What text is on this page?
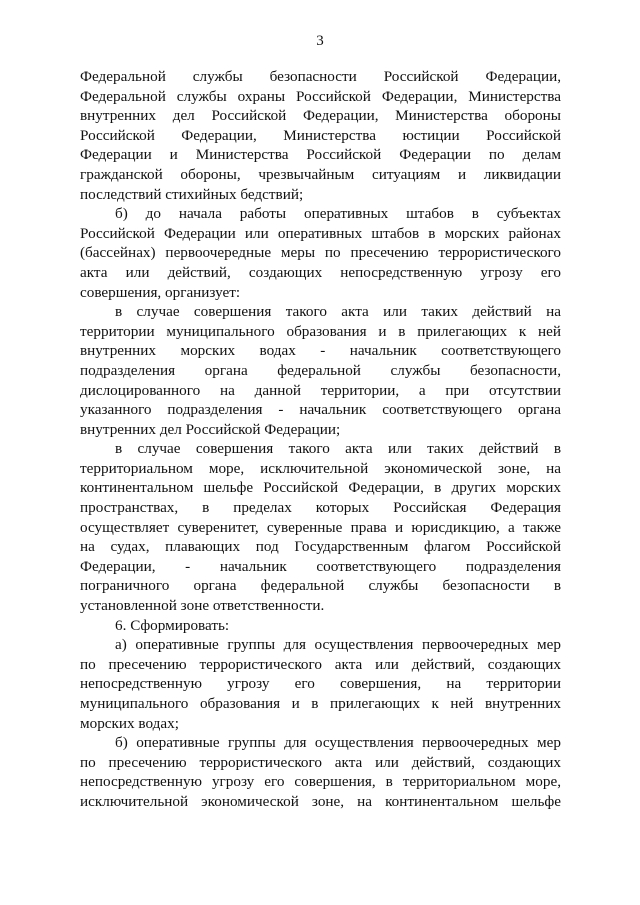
3
Федеральной службы безопасности Российской Федерации,
Федеральной службы охраны Российской Федерации, Министерства
внутренних дел Российской Федерации, Министерства обороны
Российской Федерации, Министерства юстиции Российской
Федерации и Министерства Российской Федерации по делам
гражданской обороны, чрезвычайным ситуациям и ликвидации
последствий стихийных бедствий;
б) до начала работы оперативных штабов в субъектах
Российской Федерации или оперативных штабов в морских районах
(бассейнах) первоочередные меры по пресечению террористического
акта или действий, создающих непосредственную угрозу его
совершения, организует:
в случае совершения такого акта или таких действий на
территории муниципального образования и в прилегающих к ней
внутренних морских водах - начальник соответствующего
подразделения органа федеральной службы безопасности,
дислоцированного на данной территории, а при отсутствии
указанного подразделения - начальник соответствующего органа
внутренних дел Российской Федерации;
в случае совершения такого акта или таких действий в
территориальном море, исключительной экономической зоне, на
континентальном шельфе Российской Федерации, в других морских
пространствах, в пределах которых Российская Федерация
осуществляет суверенитет, суверенные права и юрисдикцию, а также
на судах, плавающих под Государственным флагом Российской
Федерации, - начальник соответствующего подразделения
пограничного органа федеральной службы безопасности в
установленной зоне ответственности.
6. Сформировать:
а) оперативные группы для осуществления первоочередных мер
по пресечению террористического акта или действий, создающих
непосредственную угрозу его совершения, на территории
муниципального образования и в прилегающих к ней внутренних
морских водах;
б) оперативные группы для осуществления первоочередных мер
по пресечению террористического акта или действий, создающих
непосредственную угрозу его совершения, в территориальном море,
исключительной экономической зоне, на континентальном шельфе
